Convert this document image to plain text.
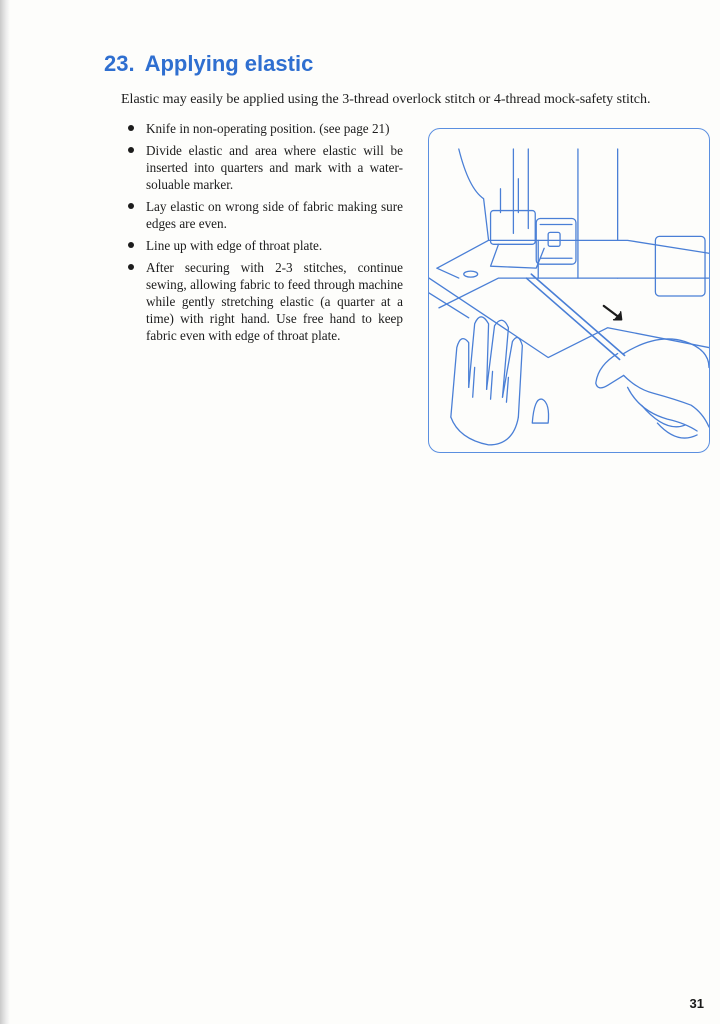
23. Applying elastic

Elastic may easily be applied using the 3-thread overlock stitch or 4-thread mock-safety stitch.

Knife in non-operating position. (see page 21)
Divide elastic and area where elastic will be inserted into quarters and mark with a water-soluable marker.
Lay elastic on wrong side of fabric making sure edges are even.
Line up with edge of throat plate.
After securing with 2-3 stitches, continue sewing, allowing fabric to feed through machine while gently stretching elastic (a quarter at a time) with right hand. Use free hand to keep fabric even with edge of throat plate.
31
